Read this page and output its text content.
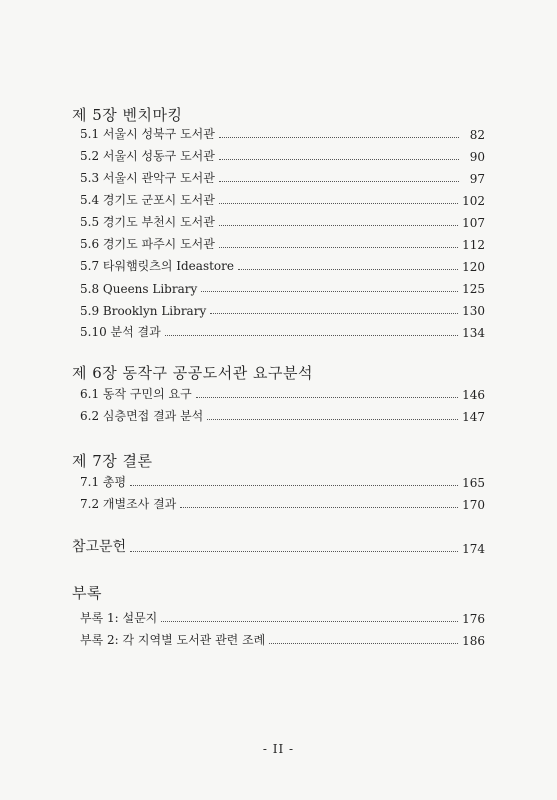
제 5장 벤치마킹
5.1 서울시 성북구 도서관	82
5.2 서울시 성동구 도서관	90
5.3 서울시 관악구 도서관	97
5.4 경기도 군포시 도서관	102
5.5 경기도 부천시 도서관	107
5.6 경기도 파주시 도서관	112
5.7 타워햄릿츠의 Ideastore	120
5.8 Queens Library	125
5.9 Brooklyn Library	130
5.10 분석 결과	134
제 6장 동작구 공공도서관 요구분석
6.1 동작 구민의 요구	146
6.2 심층면접 결과 분석	147
제 7장 결론
7.1 총평	165
7.2 개별조사 결과	170
참고문헌	174
부록
부록 1: 설문지	176
부록 2: 각 지역별 도서관 관련 조례	186
- II -
